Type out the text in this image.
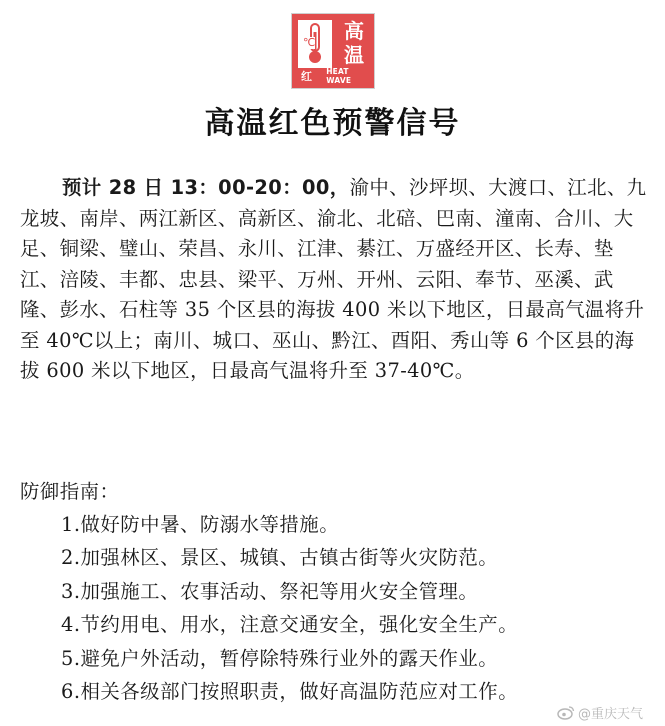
℃ 高
温
红	HEAT WAVE
高温红色预警信号
预计 28 日 13：00-20：00，渝中、沙坪坝、大渡口、江北、九龙坡、南岸、两江新区、高新区、渝北、北碚、巴南、潼南、合川、大足、铜梁、璧山、荣昌、永川、江津、綦江、万盛经开区、长寿、垫江、涪陵、丰都、忠县、梁平、万州、开州、云阳、奉节、巫溪、武隆、彭水、石柱等 35 个区县的海拔 400 米以下地区，日最高气温将升至 40℃以上；南川、城口、巫山、黔江、酉阳、秀山等 6 个区县的海拔 600 米以下地区，日最高气温将升至 37-40℃。
防御指南：
1.做好防中暑、防溺水等措施。
2.加强林区、景区、城镇、古镇古街等火灾防范。
3.加强施工、农事活动、祭祀等用火安全管理。
4.节约用电、用水，注意交通安全，强化安全生产。
5.避免户外活动，暂停除特殊行业外的露天作业。
6.相关各级部门按照职责，做好高温防范应对工作。
@重庆天气
